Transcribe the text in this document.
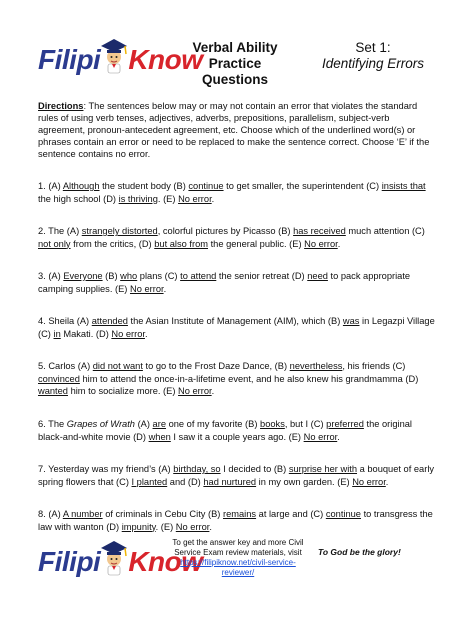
Filipi Know
Verbal Ability
Practice Questions
Set 1:
Identifying Errors
Directions: The sentences below may or may not contain an error that violates the standard rules of using verb tenses, adjectives, adverbs, prepositions, parallelism, subject-verb agreement, pronoun-antecedent agreement, etc. Choose which of the underlined word(s) or phrases contain an error or need to be replaced to make the sentence correct. Choose ‘E’ if the sentence contains no error.
1. (A) Although the student body (B) continue to get smaller, the superintendent (C) insists that the high school (D) is thriving. (E) No error.
2. The (A) strangely distorted, colorful pictures by Picasso (B) has received much attention (C) not only from the critics, (D) but also from the general public. (E) No error.
3. (A) Everyone (B) who plans (C) to attend the senior retreat (D) need to pack appropriate camping supplies. (E) No error.
4. Sheila (A) attended the Asian Institute of Management (AIM), which (B) was in Legazpi Village (C) in Makati. (D) No error.
5. Carlos (A) did not want to go to the Frost Daze Dance, (B) nevertheless, his friends (C) convinced him to attend the once-in-a-lifetime event, and he also knew his grandmamma (D) wanted him to socialize more. (E) No error.
6. The Grapes of Wrath (A) are one of my favorite (B) books, but I (C) preferred the original black-and-white movie (D) when I saw it a couple years ago. (E) No error.
7. Yesterday was my friend’s (A) birthday, so I decided to (B) surprise her with a bouquet of early spring flowers that (C) I planted and (D) had nurtured in my own garden. (E) No error.
8. (A) A number of criminals in Cebu City (B) remains at large and (C) continue to transgress the law with wanton (D) impunity. (E) No error.
Filipi Know
To get the answer key and more Civil Service Exam review materials, visit
https://filipiknow.net/civil-service-reviewer/
To God be the glory!
